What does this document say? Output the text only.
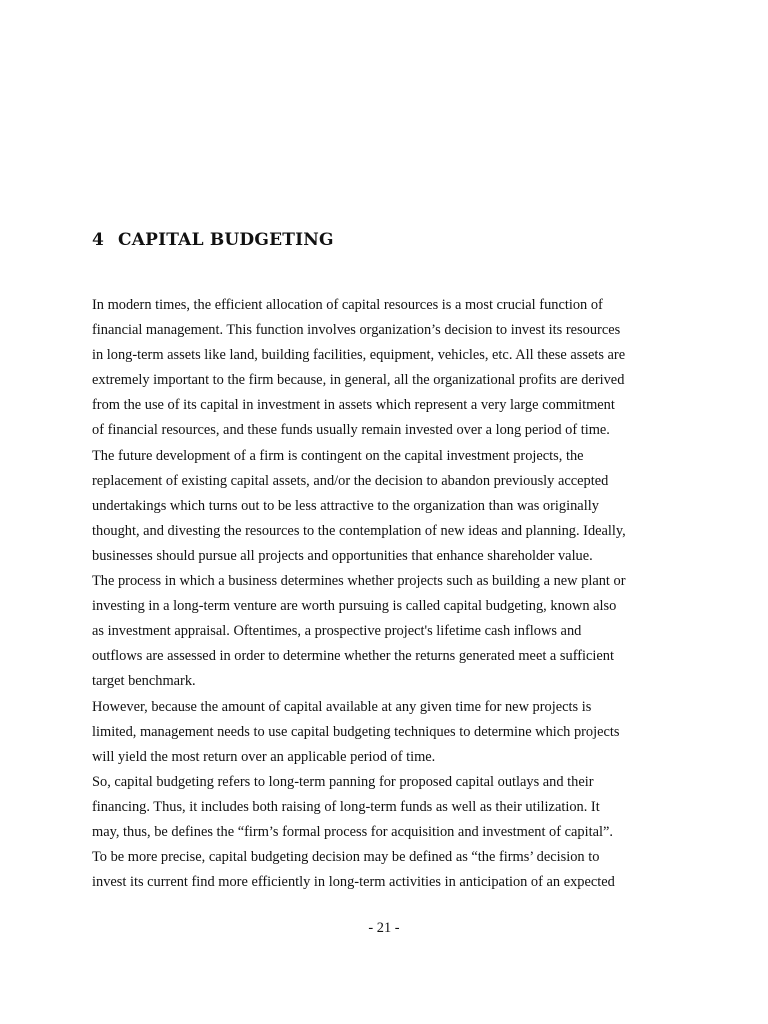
4 CAPITAL BUDGETING
In modern times, the efficient allocation of capital resources is a most crucial function of
financial management. This function involves organization’s decision to invest its resources
in long-term assets like land, building facilities, equipment, vehicles, etc. All these assets are
extremely important to the firm because, in general, all the organizational profits are derived
from the use of its capital in investment in assets which represent a very large commitment
of financial resources, and these funds usually remain invested over a long period of time.
The future development of a firm is contingent on the capital investment projects, the
replacement of existing capital assets, and/or the decision to abandon previously accepted
undertakings which turns out to be less attractive to the organization than was originally
thought, and divesting the resources to the contemplation of new ideas and planning. Ideally,
businesses should pursue all projects and opportunities that enhance shareholder value.
The process in which a business determines whether projects such as building a new plant or
investing in a long-term venture are worth pursuing is called capital budgeting, known also
as investment appraisal. Oftentimes, a prospective project's lifetime cash inflows and
outflows are assessed in order to determine whether the returns generated meet a sufficient
target benchmark.
However, because the amount of capital available at any given time for new projects is
limited, management needs to use capital budgeting techniques to determine which projects
will yield the most return over an applicable period of time.
So, capital budgeting refers to long-term panning for proposed capital outlays and their
financing. Thus, it includes both raising of long-term funds as well as their utilization. It
may, thus, be defines the “firm’s formal process for acquisition and investment of capital”.
To be more precise, capital budgeting decision may be defined as “the firms’ decision to
invest its current find more efficiently in long-term activities in anticipation of an expected
- 21 -
